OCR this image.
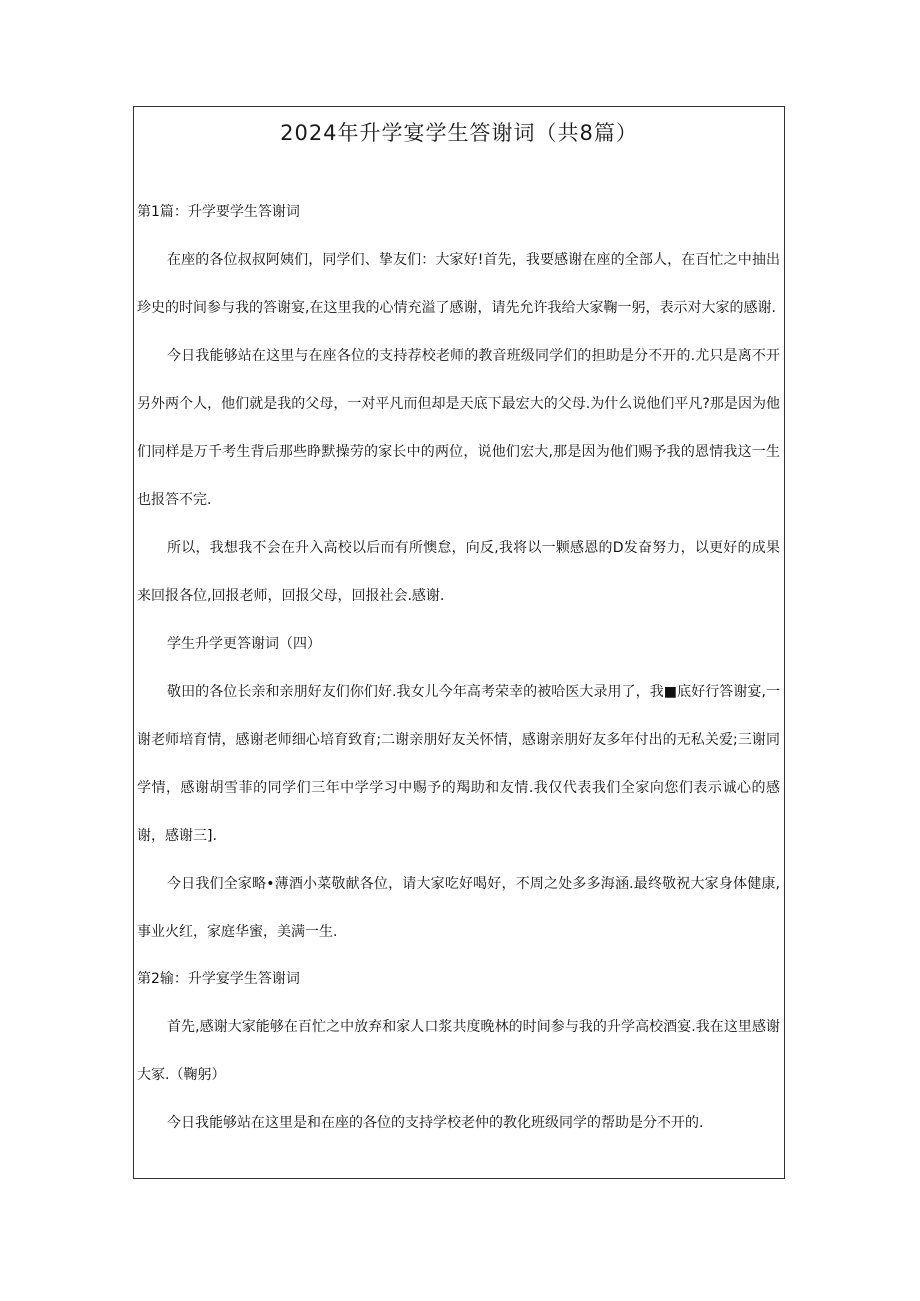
2024年升学宴学生答谢词（共8篇）
第1篇：升学要学生答谢词

在座的各位叔叔阿姨们，同学们、挚友们：大家好!首先，我要感谢在座的全部人，在百忙之中抽出珍史的时间参与我的答谢宴,在这里我的心情充溢了感谢，请先允许我给大家鞠一躬，表示对大家的感谢.

今日我能够站在这里与在座各位的支持荐校老师的教音班级同学们的担助是分不开的.尤只是离不开另外两个人，他们就是我的父母，一对平凡而但却是天底下最宏大的父母.为什么说他们平凡?那是因为他们同样是万千考生背后那些睁默操劳的家长中的两位，说他们宏大,那是因为他们赐予我的恩情我这一生也报答不完.

所以，我想我不会在升入高校以后而有所懊怠，向反,我将以一颗感恩的D发奋努力，以更好的成果来回报各位,回报老师，回报父母，回报社会.感谢.

学生升学更答谢词（四）

敬田的各位长亲和亲朋好友们你们好.我女儿今年高考荣幸的被哈医大录用了，我■底好行答谢宴,一谢老师培育情，感谢老师细心培育致育;二谢亲朋好友关怀情，感谢亲朋好友多年付出的无私关爱;三谢同学情，感谢胡雪菲的同学们三年中学学习中赐予的羯助和友情.我仅代表我们全家向您们表示诚心的感谢，感谢三].

今日我们全家略•薄酒小菜敬献各位，请大家吃好喝好，不周之处多多海涵.最终敬祝大家身体健康,事业火红，家庭华蜜，美满一生.

第2输：升学宴学生答谢词

首先,感谢大家能够在百忙之中放弃和家人口浆共度晚林的时间参与我的升学高校酒宴.我在这里感谢大冢.（鞠躬）

今日我能够站在这里是和在座的各位的支持学校老仲的教化班级同学的帮助是分不开的.
